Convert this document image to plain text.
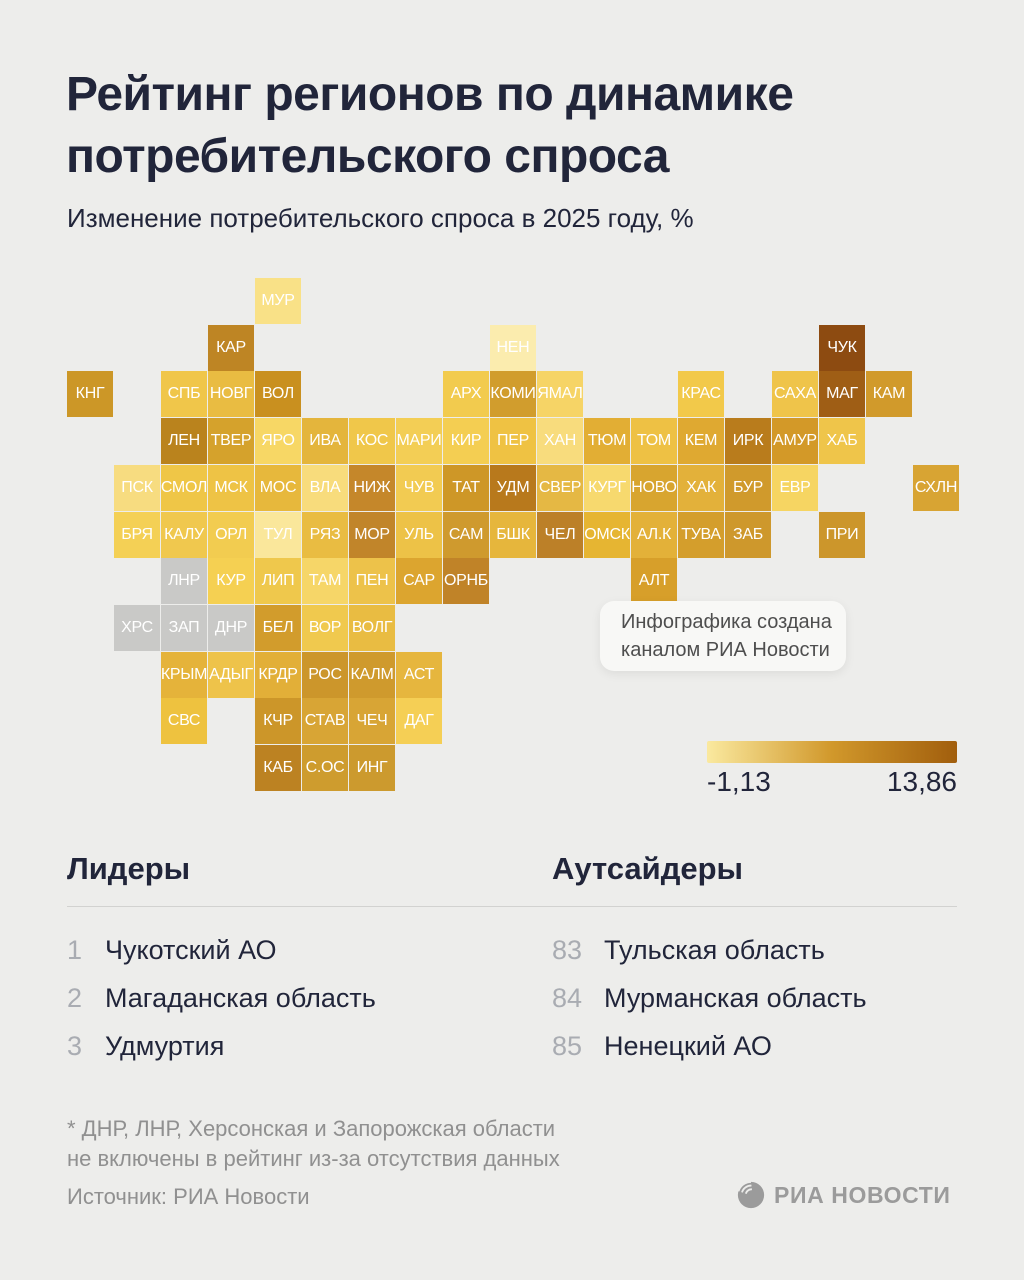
Рейтинг регионов по динамике
потребительского спроса
Изменение потребительского спроса в 2025 году, %
МУР
КАР	НЕН	ЧУК
КНГ	СПБ НОВГ ВОЛ	АРХ КОМИ ЯМАЛ	КРАС	САХА МАГ КАМ
ЛЕН ТВЕР ЯРО ИВА КОС МАРИ КИР ПЕР ХАН ТЮМ ТОМ КЕМ ИРК АМУР ХАБ
ПСК СМОЛ МСК МОС ВЛА НИЖ ЧУВ ТАТ УДМ СВЕР КУРГ НОВО ХАК БУР ЕВР	СХЛН
БРЯ КАЛУ ОРЛ ТУЛ РЯЗ МОР УЛЬ САМ БШК ЧЕЛ ОМСК АЛ.К ТУВА ЗАБ	ПРИ
ЛНР КУР ЛИП ТАМ ПЕН САР ОРНБ	АЛТ
ХРС ЗАП ДНР БЕЛ ВОР ВОЛГ
КРЫМ АДЫГ КРДР РОС КАЛМ АСТ
СВС	КЧР СТАВ ЧЕЧ ДАГ
КАБ С.ОС ИНГ
Инфографика создана
каналом РИА Новости
-1,13	13,86
Лидеры	Аутсайдеры
1 Чукотский АО
2 Магаданская область
3 Удмуртия
83 Тульская область
84 Мурманская область
85 Ненецкий АО
* ДНР, ЛНР, Херсонская и Запорожская области
не включены в рейтинг из-за отсутствия данных
Источник: РИА Новости	РИА НОВОСТИ
